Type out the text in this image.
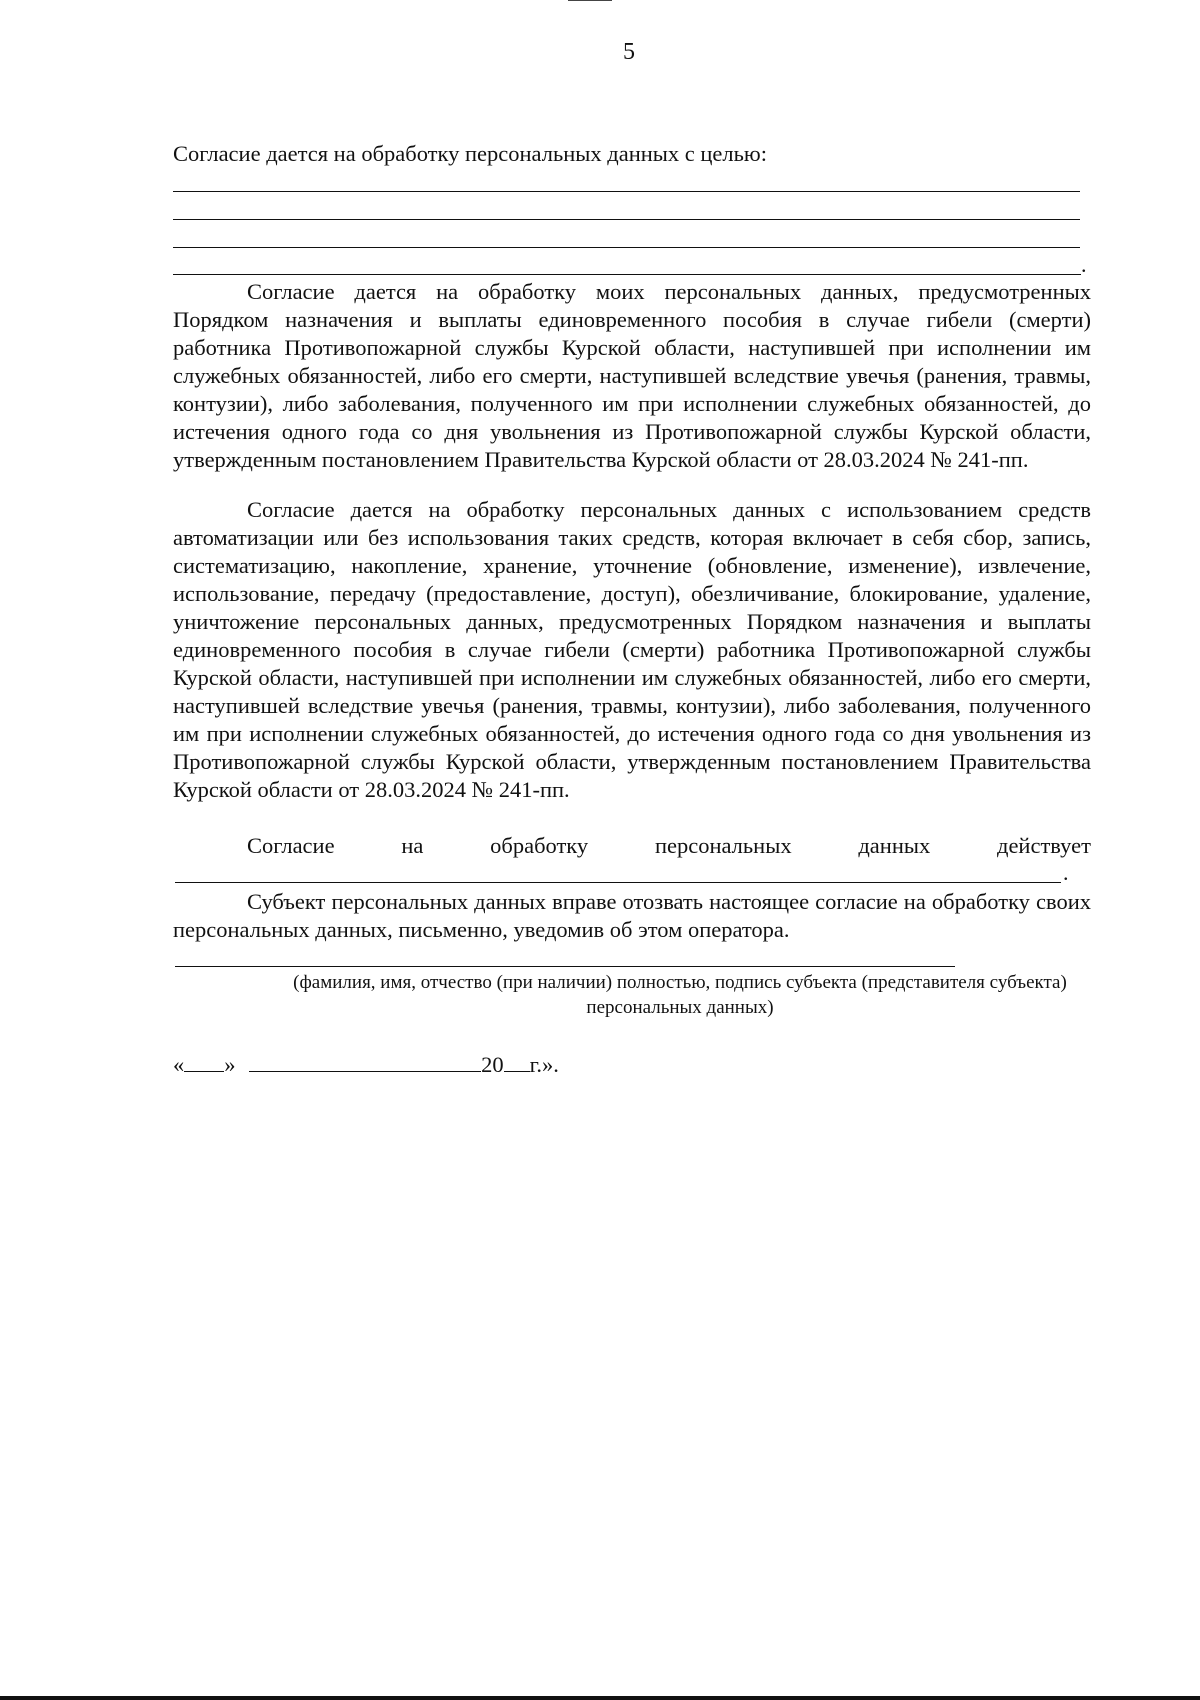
5

Согласие дается на обработку персональных данных с целью:

.

Согласие дается на обработку моих персональных данных, предусмотренных Порядком назначения и выплаты единовременного пособия в случае гибели (смерти) работника Противопожарной службы Курской области, наступившей при исполнении им служебных обязанностей, либо его смерти, наступившей вследствие увечья (ранения, травмы, контузии), либо заболевания, полученного им при исполнении служебных обязанностей, до истечения одного года со дня увольнения из Противопожарной службы Курской области, утвержденным постановлением Правительства Курской области от 28.03.2024 № 241-пп.

Согласие дается на обработку персональных данных с использованием средств автоматизации или без использования таких средств, которая включает в себя сбор, запись, систематизацию, накопление, хранение, уточнение (обновление, изменение), извлечение, использование, передачу (предоставление, доступ), обезличивание, блокирование, удаление, уничтожение персональных данных, предусмотренных Порядком назначения и выплаты единовременного пособия в случае гибели (смерти) работника Противопожарной службы Курской области, наступившей при исполнении им служебных обязанностей, либо его смерти, наступившей вследствие увечья (ранения, травмы, контузии), либо заболевания, полученного им при исполнении служебных обязанностей, до истечения одного года со дня увольнения из Противопожарной службы Курской области, утвержденным постановлением Правительства Курской области от 28.03.2024 № 241-пп.

Согласие	на	обработку	персональных	данных	действует
.

Субъект персональных данных вправе отозвать настоящее согласие на обработку своих персональных данных, письменно, уведомив об этом оператора.

(фамилия, имя, отчество (при наличии) полностью, подпись субъекта (представителя субъекта)
персональных данных)
« »	20 г.».
